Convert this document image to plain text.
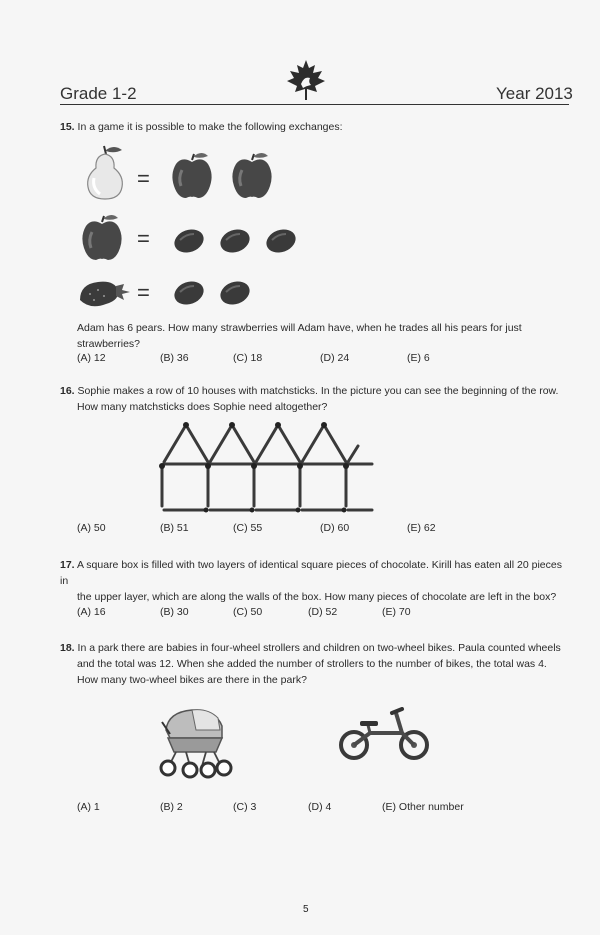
Grade 1-2	Year 2013
15. In a game it is possible to make the following exchanges:
=
=
=
Adam has 6 pears. How many strawberries will Adam have, when he trades all his pears for just
strawberries?
(A) 12	(B) 36	(C) 18	(D) 24	(E) 6
16. Sophie makes a row of 10 houses with matchsticks. In the picture you can see the beginning of the row.
How many matchsticks does Sophie need altogether?
(A) 50	(B) 51	(C) 55	(D) 60	(E) 62
17. A square box is filled with two layers of identical square pieces of chocolate. Kirill has eaten all 20 pieces in
the upper layer, which are along the walls of the box. How many pieces of chocolate are left in the box?
(A) 16	(B) 30	(C) 50	(D) 52	(E) 70
18. In a park there are babies in four-wheel strollers and children on two-wheel bikes. Paula counted wheels
and the total was 12. When she added the number of strollers to the number of bikes, the total was 4.
How many two-wheel bikes are there in the park?
(A) 1	(B) 2	(C) 3	(D) 4	(E) Other number
5
